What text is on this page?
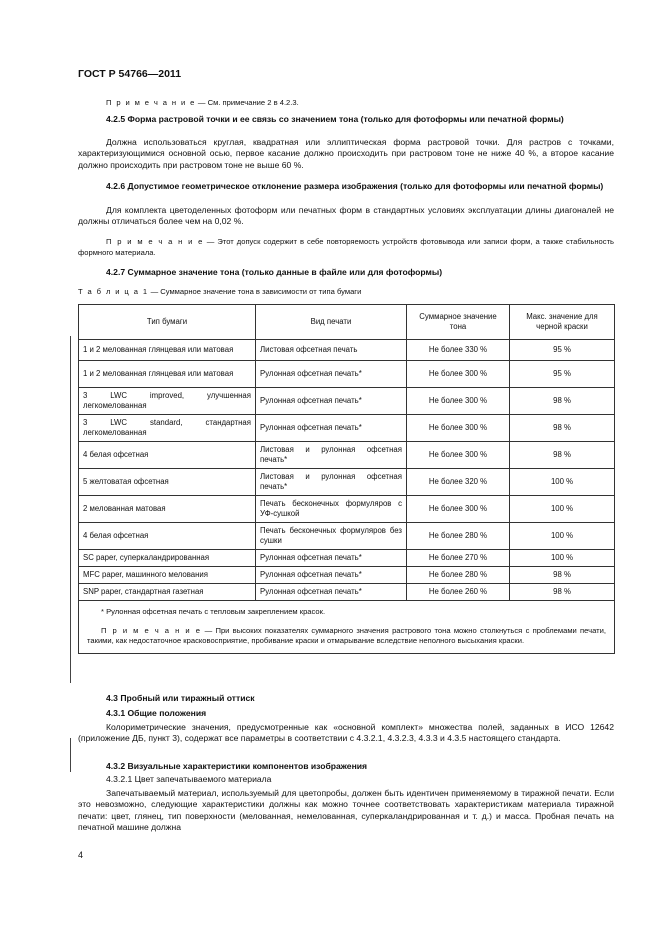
ГОСТ Р 54766—2011
П р и м е ч а н и е — См. примечание 2 в 4.2.3.
4.2.5 Форма растровой точки и ее связь со значением тона (только для фотоформы или печатной формы)
Должна использоваться круглая, квадратная или эллиптическая форма растровой точки. Для растров с точками, характеризующимися основной осью, первое касание должно происходить при растровом тоне не ниже 40 %, а второе касание должно происходить при растровом тоне не выше 60 %.
4.2.6 Допустимое геометрическое отклонение размера изображения (только для фотоформы или печатной формы)
Для комплекта цветоделенных фотоформ или печатных форм в стандартных условиях эксплуатации длины диагоналей не должны отличаться более чем на 0,02 %.
П р и м е ч а н и е — Этот допуск содержит в себе повторяемость устройств фотовывода или записи форм, а также стабильность формного материала.
4.2.7 Суммарное значение тона (только данные в файле или для фотоформы)
Т а б л и ц а 1 — Суммарное значение тона в зависимости от типа бумаги
Тип бумаги	Вид печати	Суммарное значение тона	Макс. значение для черной краски
1 и 2 мелованная глянцевая или матовая	Листовая офсетная печать	Не более 330 %	95 %
1 и 2 мелованная глянцевая или матовая	Рулонная офсетная печать*	Не более 300 %	95 %
3 LWC improved, улучшенная легкомелованная	Рулонная офсетная печать*	Не более 300 %	98 %
3 LWC standard, стандартная легкомелованная	Рулонная офсетная печать*	Не более 300 %	98 %
4 белая офсетная	Листовая и рулонная офсетная печать*	Не более 300 %	98 %
5 желтоватая офсетная	Листовая и рулонная офсетная печать*	Не более 320 %	100 %
2 мелованная матовая	Печать бесконечных формуляров с УФ-сушкой	Не более 300 %	100 %
4 белая офсетная	Печать бесконечных формуляров без сушки	Не более 280 %	100 %
SC paper, суперкаландрированная	Рулонная офсетная печать*	Не более 270 %	100 %
MFC paper, машинного мелования	Рулонная офсетная печать*	Не более 280 %	98 %
SNP paper, стандартная газетная	Рулонная офсетная печать*	Не более 260 %	98 %

* Рулонная офсетная печать с тепловым закреплением красок.
П р и м е ч а н и е — При высоких показателях суммарного значения растрового тона можно столкнуться с проблемами печати, такими, как недостаточное красковосприятие, пробивание краски и отмарывание вследствие неполного высыхания краски.			
4.3 Пробный или тиражный оттиск
4.3.1 Общие положения
Колориметрические значения, предусмотренные как «основной комплект» множества полей, заданных в ИСО 12642 (приложение ДБ, пункт 3), содержат все параметры в соответствии с 4.3.2.1, 4.3.2.3, 4.3.3 и 4.3.5 настоящего стандарта.
4.3.2 Визуальные характеристики компонентов изображения
4.3.2.1 Цвет запечатываемого материала
Запечатываемый материал, используемый для цветопробы, должен быть идентичен применяемому в тиражной печати. Если это невозможно, следующие характеристики должны как можно точнее соответствовать характеристикам материала тиражной печати: цвет, глянец, тип поверхности (мелованная, немелованная, суперкаландрированная и т. д.) и масса. Пробная печать на печатной машине должна
4
